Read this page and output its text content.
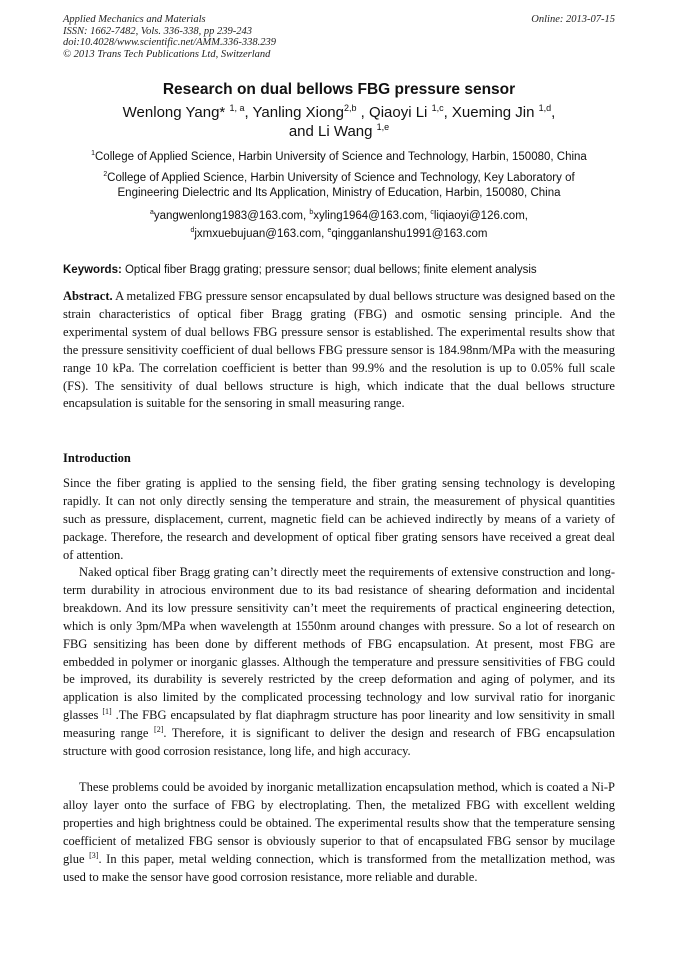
Applied Mechanics and Materials
ISSN: 1662-7482, Vols. 336-338, pp 239-243
doi:10.4028/www.scientific.net/AMM.336-338.239
© 2013 Trans Tech Publications Ltd, Switzerland
Online: 2013-07-15
Research on dual bellows FBG pressure sensor
Wenlong Yang* $^{1, a}$, Yanling Xiong$^{2,b}$ , Qiaoyi Li $^{1,c}$, Xueming Jin $^{1,d}$,
and Li Wang $^{1,e}$
$^1$College of Applied Science, Harbin University of Science and Technology, Harbin, 150080, China
$^2$College of Applied Science, Harbin University of Science and Technology, Key Laboratory of
Engineering Dielectric and Its Application, Ministry of Education, Harbin, 150080, China
$^a$yangwenlong1983@163.com, $^b$xyling1964@163.com, $^c$liqiaoyi@126.com,
$^d$jxmxuebujuan@163.com, $^e$qingganlanshu1991@163.com
Keywords: Optical fiber Bragg grating; pressure sensor; dual bellows; finite element analysis

Abstract. A metalized FBG pressure sensor encapsulated by dual bellows structure was designed based on the strain characteristics of optical fiber Bragg grating (FBG) and osmotic sensing principle. And the experimental system of dual bellows FBG pressure sensor is established. The experimental results show that the pressure sensitivity coefficient of dual bellows FBG pressure sensor is 184.98nm/MPa with the measuring range 10 kPa. The correlation coefficient is better than 99.9% and the resolution is up to 0.05% full scale (FS). The sensitivity of dual bellows structure is high, which indicate that the dual bellows structure encapsulation is suitable for the sensoring in small measuring range.

Introduction

Since the fiber grating is applied to the sensing field, the fiber grating sensing technology is developing rapidly. It can not only directly sensing the temperature and strain, the measurement of physical quantities such as pressure, displacement, current, magnetic field can be achieved indirectly by means of a variety of package. Therefore, the research and development of optical fiber grating sensors have received a great deal of attention.

Naked optical fiber Bragg grating can’t directly meet the requirements of extensive construction and long-term durability in atrocious environment due to its bad resistance of shearing deformation and incidental breakdown. And its low pressure sensitivity can’t meet the requirements of practical engineering detection, which is only 3pm/MPa when wavelength at 1550nm around changes with pressure. So a lot of research on FBG sensitizing has been done by different methods of FBG encapsulation. At present, most FBG are embedded in polymer or inorganic glasses. Although the temperature and pressure sensitivities of FBG could be improved, its durability is severely restricted by the creep deformation and aging of polymer, and its application is also limited by the complicated processing technology and low survival ratio for inorganic glasses [1] .The FBG encapsulated by flat diaphragm structure has poor linearity and low sensitivity in small measuring range [2]. Therefore, it is significant to deliver the design and research of FBG encapsulation structure with good corrosion resistance, long life, and high accuracy.

These problems could be avoided by inorganic metallization encapsulation method, which is coated a Ni-P alloy layer onto the surface of FBG by electroplating. Then, the metalized FBG with excellent welding properties and high brightness could be obtained. The experimental results show that the temperature sensing coefficient of metalized FBG sensor is obviously superior to that of encapsulated FBG sensor by mucilage glue [3]. In this paper, metal welding connection, which is transformed from the metallization method, was used to make the sensor have good corrosion resistance, more reliable and durable.
